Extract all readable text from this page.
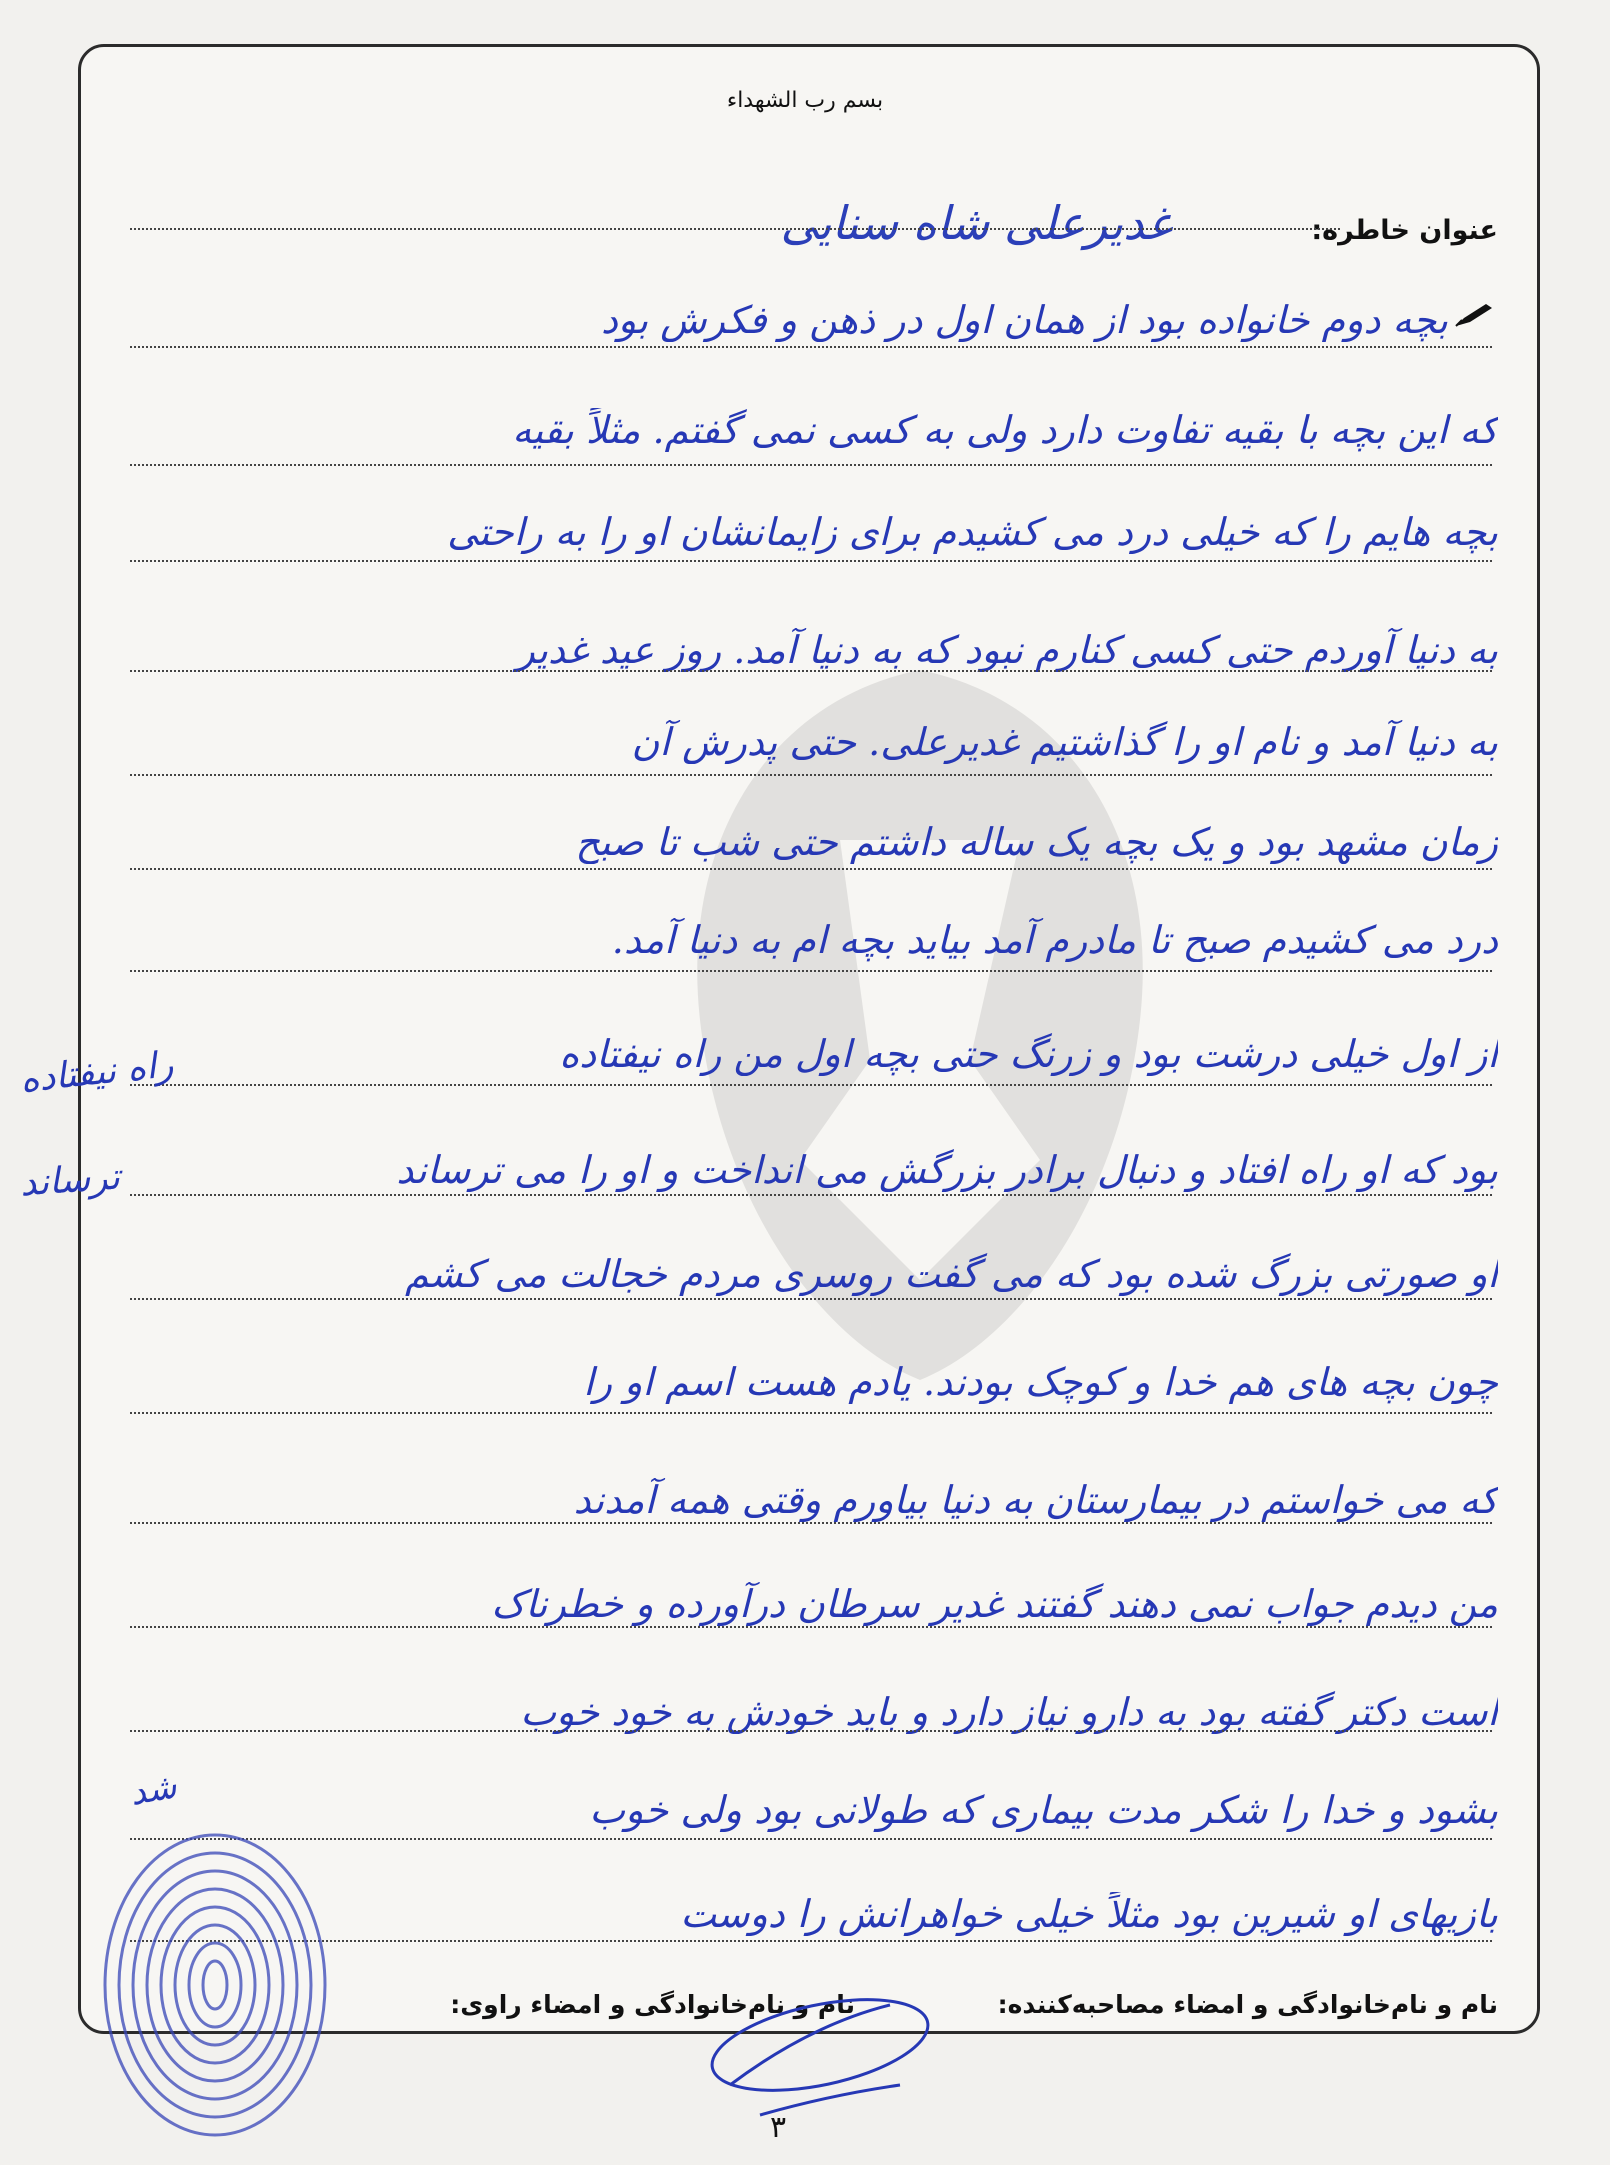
بسم رب الشهداء
عنوان خاطره:
غدیرعلی شاه سنایی
بچه دوم خانواده بود از همان اول در ذهن و فکرش بود
که این بچه با بقیه تفاوت دارد ولی به کسی نمی گفتم. مثلاً بقیه
بچه هایم را که خیلی درد می کشیدم برای زایمانشان او را به راحتی
به دنیا آوردم حتی کسی کنارم نبود که به دنیا آمد. روز عید غدیر
به دنیا آمد و نام او را گذاشتیم غدیرعلی. حتی پدرش آن
زمان مشهد بود و یک بچه یک ساله داشتم حتی شب تا صبح
درد می کشیدم صبح تا مادرم آمد بیاید بچه ام به دنیا آمد.
از اول خیلی درشت بود و زرنگ حتی بچه اول من راه نیفتاده
بود که او راه افتاد و دنبال برادر بزرگش می انداخت و او را می ترساند
او صورتی بزرگ شده بود که می گفت روسری مردم خجالت می کشم
چون بچه های هم خدا و کوچک بودند. یادم هست اسم او را
که می خواستم در بیمارستان به دنیا بیاورم وقتی همه آمدند
من دیدم جواب نمی دهند گفتند غدیر سرطان درآورده و خطرناک
است دکتر گفته بود به دارو نیاز دارد و باید خودش به خود خوب
بشود و خدا را شکر مدت بیماری که طولانی بود ولی خوب
بازیهای او شیرین بود مثلاً خیلی خواهرانش را دوست
راه نیفتاده
ترساند
شد
نام و نام‌خانوادگی و امضاء مصاحبه‌کننده:
نام و نام‌خانوادگی و امضاء راوی:
۳
